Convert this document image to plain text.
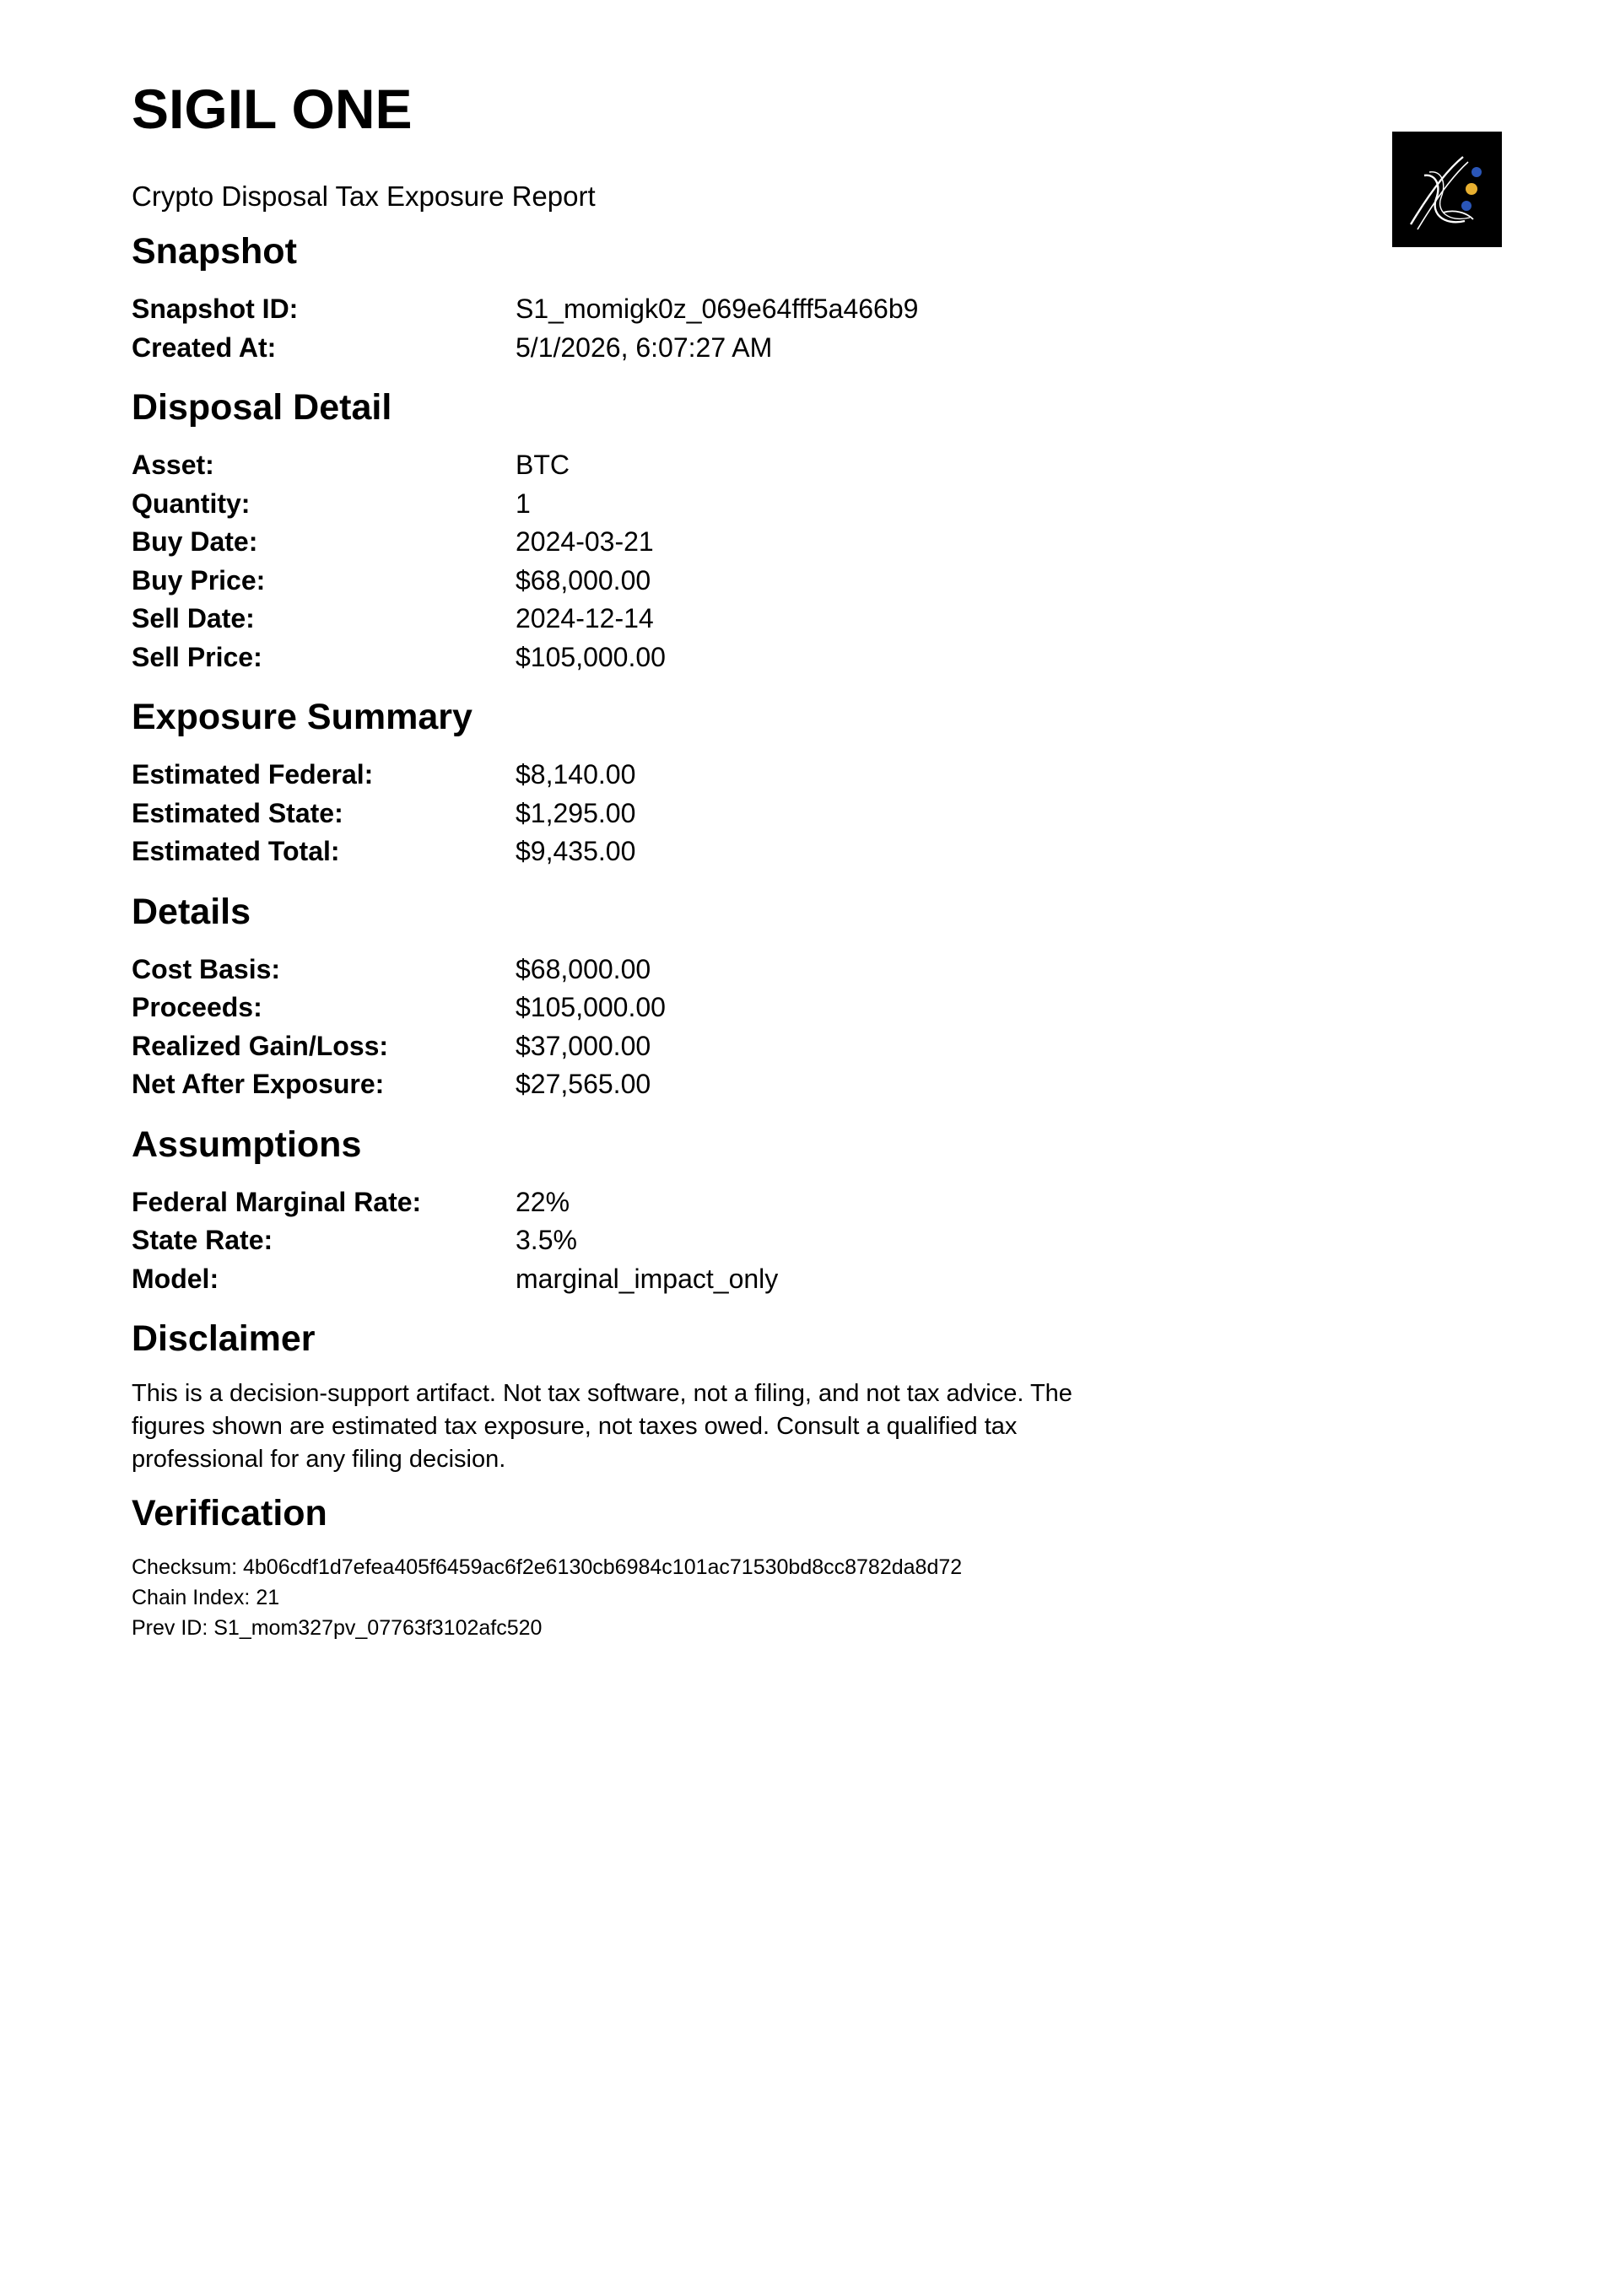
SIGIL ONE

Crypto Disposal Tax Exposure Report

Snapshot
Snapshot ID:	S1_momigk0z_069e64fff5a466b9
Created At:	5/1/2026, 6:07:27 AM
Disposal Detail
Asset:	BTC
Quantity:	1
Buy Date:	2024-03-21
Buy Price:	$68,000.00
Sell Date:	2024-12-14
Sell Price:	$105,000.00
Exposure Summary
Estimated Federal:	$8,140.00
Estimated State:	$1,295.00
Estimated Total:	$9,435.00
Details
Cost Basis:	$68,000.00
Proceeds:	$105,000.00
Realized Gain/Loss:	$37,000.00
Net After Exposure:	$27,565.00
Assumptions
Federal Marginal Rate:	22%
State Rate:	3.5%
Model:	marginal_impact_only
Disclaimer

This is a decision-support artifact. Not tax software, not a filing, and not tax advice. The figures shown are estimated tax exposure, not taxes owed. Consult a qualified tax professional for any filing decision.

Verification
Checksum: 4b06cdf1d7efea405f6459ac6f2e6130cb6984c101ac71530bd8cc8782da8d72
Chain Index: 21
Prev ID: S1_mom327pv_07763f3102afc520
